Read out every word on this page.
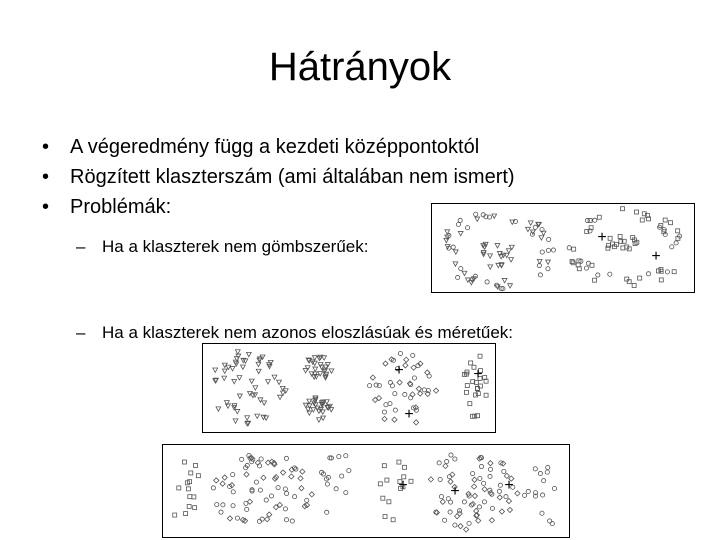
Hátrányok
• A végeredmény függ a kezdeti középpontoktól
• Rögzített klaszterszám (ami általában nem ismert)
• Problémák:
– Ha a klaszterek nem gömbszerűek:
– Ha a klaszterek nem azonos eloszlásúak és méretűek:
+
+
+
+
+
+	+	+
